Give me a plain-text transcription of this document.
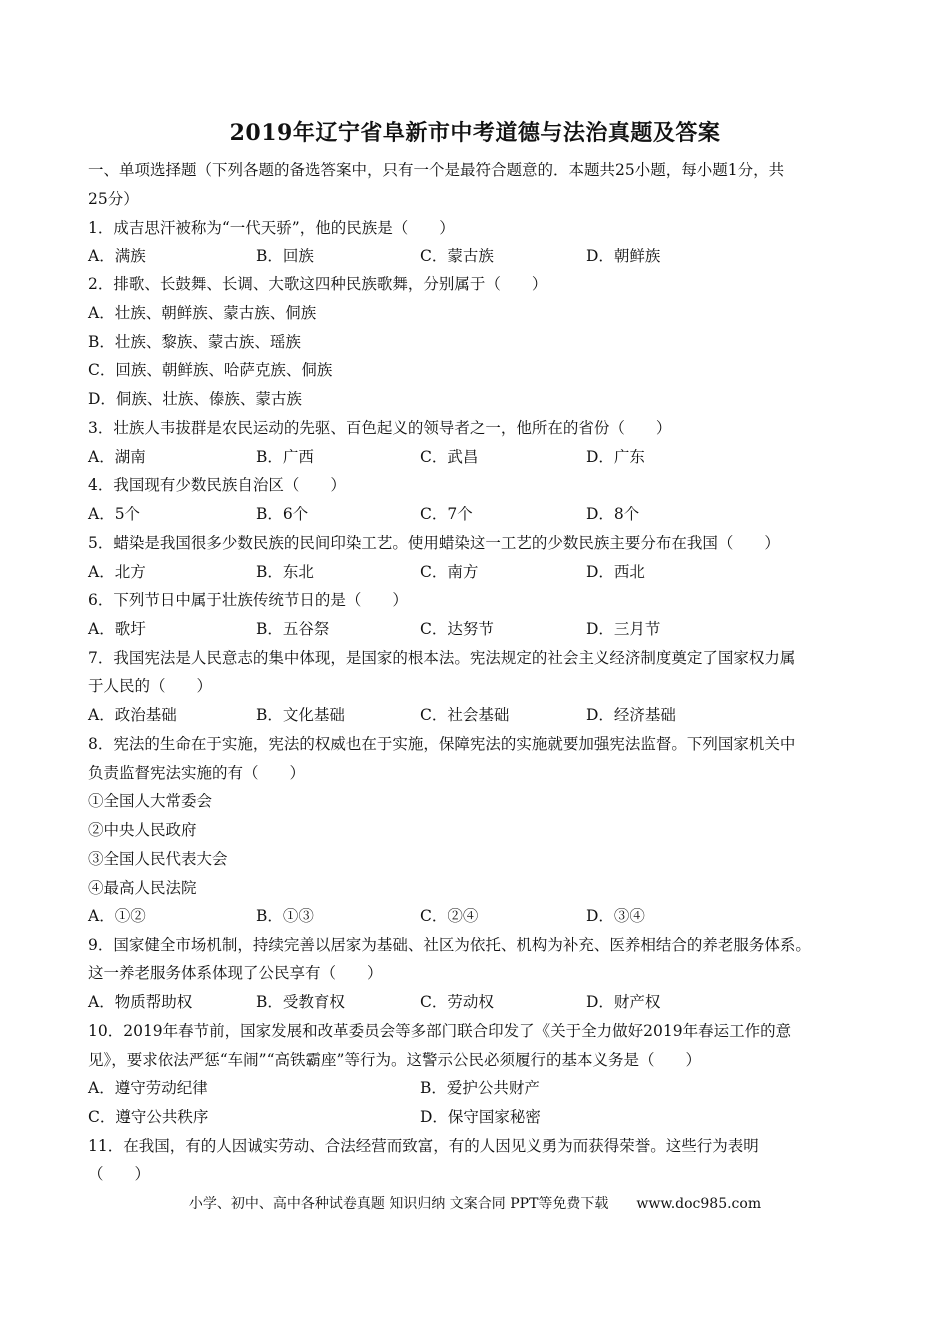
2019年辽宁省阜新市中考道德与法治真题及答案
一、单项选择题（下列各题的备选答案中，只有一个是最符合题意的．本题共25小题，每小题1分，共
25分）
1．成吉思汗被称为“一代天骄”，他的民族是（　　）
A．满族	B．回族	C．蒙古族	D．朝鲜族
2．排歌、长鼓舞、长调、大歌这四种民族歌舞，分别属于（　　）
A．壮族、朝鲜族、蒙古族、侗族
B．壮族、黎族、蒙古族、瑶族
C．回族、朝鲜族、哈萨克族、侗族
D．侗族、壮族、傣族、蒙古族
3．壮族人韦拔群是农民运动的先驱、百色起义的领导者之一，他所在的省份（　　）
A．湖南	B．广西	C．武昌	D．广东
4．我国现有少数民族自治区（　　）
A．5个	B．6个	C．7个	D．8个
5．蜡染是我国很多少数民族的民间印染工艺。使用蜡染这一工艺的少数民族主要分布在我国（　　）
A．北方	B．东北	C．南方	D．西北
6．下列节日中属于壮族传统节日的是（　　）
A．歌圩	B．五谷祭	C．达努节	D．三月节
7．我国宪法是人民意志的集中体现，是国家的根本法。宪法规定的社会主义经济制度奠定了国家权力属
于人民的（　　）
A．政治基础	B．文化基础	C．社会基础	D．经济基础
8．宪法的生命在于实施，宪法的权威也在于实施，保障宪法的实施就要加强宪法监督。下列国家机关中
负责监督宪法实施的有（　　）
①全国人大常委会
②中央人民政府
③全国人民代表大会
④最高人民法院
A．①②	B．①③	C．②④	D．③④
9．国家健全市场机制，持续完善以居家为基础、社区为依托、机构为补充、医养相结合的养老服务体系。
这一养老服务体系体现了公民享有（　　）
A．物质帮助权	B．受教育权	C．劳动权	D．财产权
10．2019年春节前，国家发展和改革委员会等多部门联合印发了《关于全力做好2019年春运工作的意
见》，要求依法严惩“车闹”“高铁霸座”等行为。这警示公民必须履行的基本义务是（　　）
A．遵守劳动纪律	B．爱护公共财产
C．遵守公共秩序	D．保守国家秘密
11．在我国，有的人因诚实劳动、合法经营而致富，有的人因见义勇为而获得荣誉。这些行为表明
（　　）
小学、初中、高中各种试卷真题 知识归纳 文案合同 PPT等免费下载　　www.doc985.com
